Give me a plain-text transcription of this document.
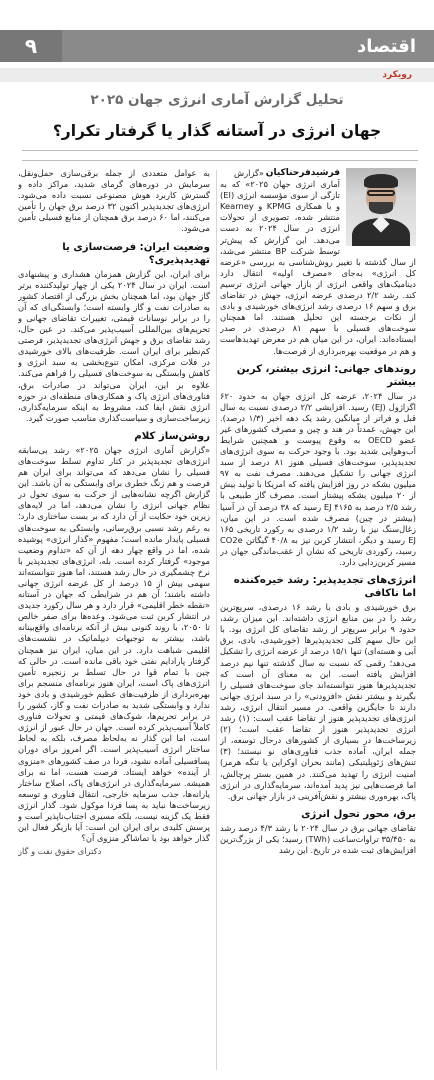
اقتصاد
۹
رویکرد
تحلیل گزارش آماری انرژی جهان ۲۰۲۵
جهان انرژی در آستانه گذار یا گرفتار تکرار؟
فرشیدفرحناکیان

«گزارش آماری انرژی جهان ۲۰۲۵» که به تازگی از سوی مؤسسه انرژی (EI) و با همکاری KPMG و Kearney منتشر شده، تصویری از تحولات انرژی در سال ۲۰۲۴ به دست می‌دهد. این گزارش که پیش‌تر توسط شرکت BP منتشر می‌شد، از سال گذشته با تغییر روش‌شناسی به بررسی «عرضه کل انرژی» به‌جای «مصرف اولیه» انتقال دارد دینامیک‌های واقعی انرژی از بازار جهانی انرژی ترسیم کند. رشد ۲/۲ درصدی عرضه انرژی، جهش در تقاضای برق و سهم ۱۶ درصدی رشد انرژی‌های خورشیدی و بادی از نکات برجسته این تحلیل هستند. اما همچنان سوخت‌های فسیلی با سهم ۸۱ درصدی در صدر ایستاده‌اند. ایران، در این میان هم در معرض تهدیدهاست و هم در موقعیت بهره‌برداری از فرصت‌ها.

روندهای جهانی: انرژی بیشتر، کربن بیشتر

در سال ۲۰۲۴، عرضه کل انرژی جهان به حدود ۶۲۰ اگزاژول (EJ) رسید. افزایشی ۲/۲ درصدی نسبت به سال قبل و فراتر از میانگین رشد یک دهه اخیر (۱/۳ درصد). این جهش، عمدتاً در هند و چین و مصرف کشورهای غیر عضو OECD به وقوع پیوست و همچنین شرایط آب‌وهوایی شدید بود. با وجود حرکت به سوی انرژی‌های تجدیدپذیر، سوخت‌های فسیلی هنوز ۸۱ درصد از سبد انرژی جهانی را تشکیل می‌دهند. مصرف نفت به ۹۷ میلیون بشکه در روز افزایش یافته که امریکا با تولید بیش از ۲۰ میلیون بشکه پیشتاز است. مصرف گاز طبیعی با رشد ۲/۵ درصد به ۴۱۶۵ EJ رسید که ۳۸ درصد آن در آسیا (بیشتر در چین) مصرف شده است. در این میان، زغال‌سنگ نیز با رشد ۱/۲ درصدی به رکورد تاریخی ۱۶۵ EJ رسید و دیگر، انتشار کربن نیز به ۴۰/۸ گیگاتن CO2e رسید، رکوردی تاریخی که نشان از عقب‌ماندگی جهان در مسیر کربن‌زدایی دارد.

انرژی‌های تجدیدپذیر: رشد خیره‌کننده اما ناکافی

برق خورشیدی و بادی با رشد ۱۶ درصدی، سریع‌ترین رشد را در بین منابع انرژی داشته‌اند. این میزان رشد، حدود ۹ برابر سریع‌تر از رشد تقاضای کل انرژی بود. با این حال سهم کلی تجدیدپذیرها (خورشیدی، بادی، برق آبی و هسته‌ای) تنها ۱۵/۱ درصد از عرضه انرژی را تشکیل می‌دهد؛ رقمی که نسبت به سال گذشته تنها نیم درصد افزایش یافته است. این به معنای آن است که تجدیدپذیرها هنوز نتوانسته‌اند جای سوخت‌های فسیلی را بگیرند و بیشتر نقش «افزودنی» را در سبد انرژی جهانی دارند تا جایگزین واقعی. در مسیر انتقال انرژی، رشد انرژی‌های تجدیدپذیر هنوز از تقاضا عقب است: (۱) رشد انرژی تجدیدپذیر هنوز از تقاضا عقب است؛ (۲) زیرساخت‌ها در بسیاری از کشورهای درحال توسعه، از جمله ایران، آماده جذب فناوری‌های نو نیستند؛ (۳) تنش‌های ژئوپلیتیکی (مانند بحران اوکراین یا تنگه هرمز) امنیت انرژی را تهدید می‌کنند. در همین بستر پرچالش، اما فرصت‌هایی نیز پدید آمده‌اند، سرمایه‌گذاری در انرژی پاک، بهره‌وری بیشتر و نقش‌آفرینی در بازار جهانی برق.

برق، محور تحول انرژی

تقاضای جهانی برق در سال ۲۰۲۴ با رشد ۴/۳ درصد رشد به ۳۵/۴۵۰ تراوات‌ساعت (TWh) رسید؛ یکی از بزرگ‌ترین افزایش‌های ثبت شده در تاریخ. این رشد

به عوامل متعددی از جمله برقی‌سازی حمل‌ونقل، سرمایش در دوره‌های گرمای شدید، مراکز داده و گسترش کاربرد هوش مصنوعی نسبت داده می‌شود. انرژی‌های تجدیدپذیر اکنون ۳۲ درصد برق جهان را تأمین می‌کنند، اما ۶۰ درصد برق همچنان از منابع فسیلی تأمین می‌شود.

وضعیت ایران: فرصت‌سازی یا تهدیدپذیری؟

برای ایران، این گزارش همزمان هشداری و پیشنهادی است. ایران در سال ۲۰۲۴ یکی از چهار تولیدکننده برتر گاز جهان بود، اما همچنان بخش بزرگی از اقتصاد کشور به صادرات نفت و گاز وابسته است؛ وابستگی‌ای که آن را در برابر نوسانات قیمتی، تغییرات تقاضای جهانی و تحریم‌های بین‌المللی آسیب‌پذیر می‌کند. در عین حال، رشد تقاضای برق و جهش انرژی‌های تجدیدپذیر، فرصتی کم‌نظیر برای ایران است. ظرفیت‌های بالای خورشیدی در فلات مرکزی، امکان تنوع‌بخشی به سبد انرژی و کاهش وابستگی به سوخت‌های فسیلی را فراهم می‌کند. علاوه بر این، ایران می‌تواند در صادرات برق، فناوری‌های انرژی پاک و همکاری‌های منطقه‌ای در حوزه انرژی نقش ایفا کند، مشروط به اینکه سرمایه‌گذاری، زیرساخت‌سازی و سیاست‌گذاری مناسب صورت گیرد.

روشن‌ساز کلام

«گزارش آماری انرژی جهان ۲۰۲۵» رشد بی‌سابقه انرژی‌های تجدیدپذیر در کنار تداوم تسلط سوخت‌های فسیلی را نشان می‌دهد که می‌تواند برای ایران هم فرصت و هم زنگ خطری برای وابستگی به آن باشد. این گزارش اگرچه نشانه‌هایی از حرکت به سوی تحول در نظام جهانی انرژی را نشان می‌دهد، اما در لایه‌های زیرین خود حکایت از آن دارد که بر بست ساختاری دارد؛ به رغم رشد نسبی برق‌رسانی، وابستگی به سوخت‌های فسیلی پایدار مانده است؛ مفهوم «گذار انرژی» پوشیده شده، اما در واقع چهار دهه از آن که «تداوم وضعیت موجود» گرفتار کرده است. بله، انرژی‌های تجدیدپذیر با نرخ چشمگیری در حال رشد هستند، اما هنوز نتوانسته‌اند سهمی بیش از ۱۵ درصد از کل عرضه انرژی جهانی داشته باشند؛ آن هم در شرایطی که جهان در آستانه «نقطه خطر اقلیمی» قرار دارد و هر سال رکورد جدیدی در انتشار کربن ثبت می‌شود. وعده‌ها برای صفر خالص تا ۲۰۵۰، با روند کنونی بیش از آنکه برنامه‌ای واقع‌بینانه باشد، بیشتر به توجیهات دیپلماتیک در نشست‌های اقلیمی شباهت دارد. در این میان، ایران نیز همچنان گرفتار پارادایم نفتی خود باقی مانده است. در حالی که چین با تمام قوا در حال تسلط بر زنجیره تأمین انرژی‌های پاک است، ایران هنوز برنامه‌ای منسجم برای بهره‌برداری از ظرفیت‌های عظیم خورشیدی و بادی خود ندارد و وابستگی شدید به صادرات نفت و گاز، کشور را در برابر تحریم‌ها، شوک‌های قیمتی و تحولات فناوری کاملاً آسیب‌پذیر کرده است. جهان در حال عبور از انرژی است، اما این گذار نه به‌لحاظ مصرف، بلکه به لحاظ ساختار انرژی آسیب‌پذیر است. اگر امروز برای دوران پسافسیلی آماده نشود، فردا در صف کشورهای «منزوی از آینده» خواهد ایستاد. فرصت هست، اما نه برای همیشه. سرمایه‌گذاری در انرژی‌های پاک، اصلاح ساختار یارانه‌ها، جذب سرمایه خارجی، انتقال فناوری و توسعه زیرساخت‌ها نباید به پسا فردا موکول شود. گذار انرژی فقط یک گزینه نیست، بلکه مسیری اجتناب‌ناپذیر است و پرسش کلیدی برای ایران این است: آیا بازیگر فعال این گذار خواهد بود یا تماشاگر منزوی آن؟

دکترای حقوق نفت و گاز
